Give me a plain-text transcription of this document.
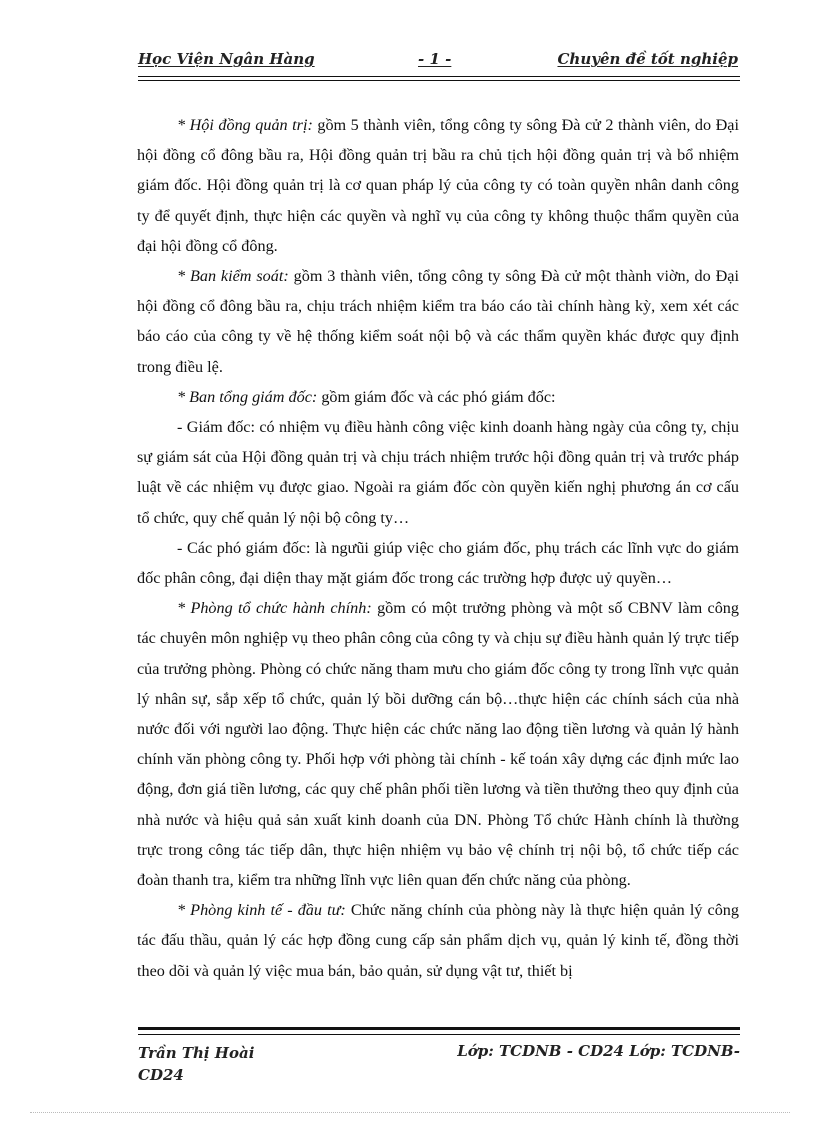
Học Viện Ngân Hàng	- 1 -	Chuyên đề tốt nghiệp

* Hội đồng quản trị: gồm 5 thành viên, tổng công ty sông Đà cử 2 thành viên, do Đại hội đồng cổ đông bầu ra, Hội đồng quản trị bầu ra chủ tịch hội đồng quản trị và bổ nhiệm giám đốc. Hội đồng quản trị là cơ quan pháp lý của công ty có toàn quyền nhân danh công ty để quyết định, thực hiện các quyền và nghĩ vụ của công ty không thuộc thẩm quyền của đại hội đồng cổ đông.

* Ban kiểm soát: gồm 3 thành viên, tổng công ty sông Đà cử một thành viờn, do Đại hội đồng cổ đông bầu ra, chịu trách nhiệm kiểm tra báo cáo tài chính hàng kỳ, xem xét các báo cáo của công ty về hệ thống kiểm soát nội bộ và các thẩm quyền khác được quy định trong điều lệ.

* Ban tổng giám đốc: gồm giám đốc và các phó giám đốc:

- Giám đốc: có nhiệm vụ điều hành công việc kinh doanh hàng ngày của công ty, chịu sự giám sát của Hội đồng quản trị và chịu trách nhiệm trước hội đồng quản trị và trước pháp luật về các nhiệm vụ được giao. Ngoài ra giám đốc còn quyền kiến nghị phương án cơ cấu tổ chức, quy chế quản lý nội bộ công ty…

- Các phó giám đốc: là ngưũi giúp việc cho giám đốc, phụ trách các lĩnh vực do giám đốc phân công, đại diện thay mặt giám đốc trong các trường hợp được uỷ quyền…

* Phòng tổ chức hành chính: gồm có một trưởng phòng và một số CBNV làm công tác chuyên môn nghiệp vụ theo phân công của công ty và chịu sự điều hành quản lý trực tiếp của trưởng phòng. Phòng có chức năng tham mưu cho giám đốc công ty trong lĩnh vực quản lý nhân sự, sắp xếp tổ chức, quản lý bồi dưỡng cán bộ…thực hiện các chính sách của nhà nước đối với người lao động. Thực hiện các chức năng lao động tiền lương và quản lý hành chính văn phòng công ty. Phối hợp với phòng tài chính - kế toán xây dựng các định mức lao động, đơn giá tiền lương, các quy chế phân phối tiền lương và tiền thưởng theo quy định của nhà nước và hiệu quả sản xuất kinh doanh của DN. Phòng Tổ chức Hành chính là thường trực trong công tác tiếp dân, thực hiện nhiệm vụ bảo vệ chính trị nội bộ, tổ chức tiếp các đoàn thanh tra, kiểm tra những lĩnh vực liên quan đến chức năng của phòng.

* Phòng kinh tế - đầu tư: Chức năng chính của phòng này là thực hiện quản lý công tác đấu thầu, quản lý các hợp đồng cung cấp sản phẩm dịch vụ, quản lý kinh tế, đồng thời theo dõi và quản lý việc mua bán, bảo quản, sử dụng vật tư, thiết bị

Trần Thị Hoài
CD24
Lớp: TCDNB - CD24 Lớp: TCDNB-
